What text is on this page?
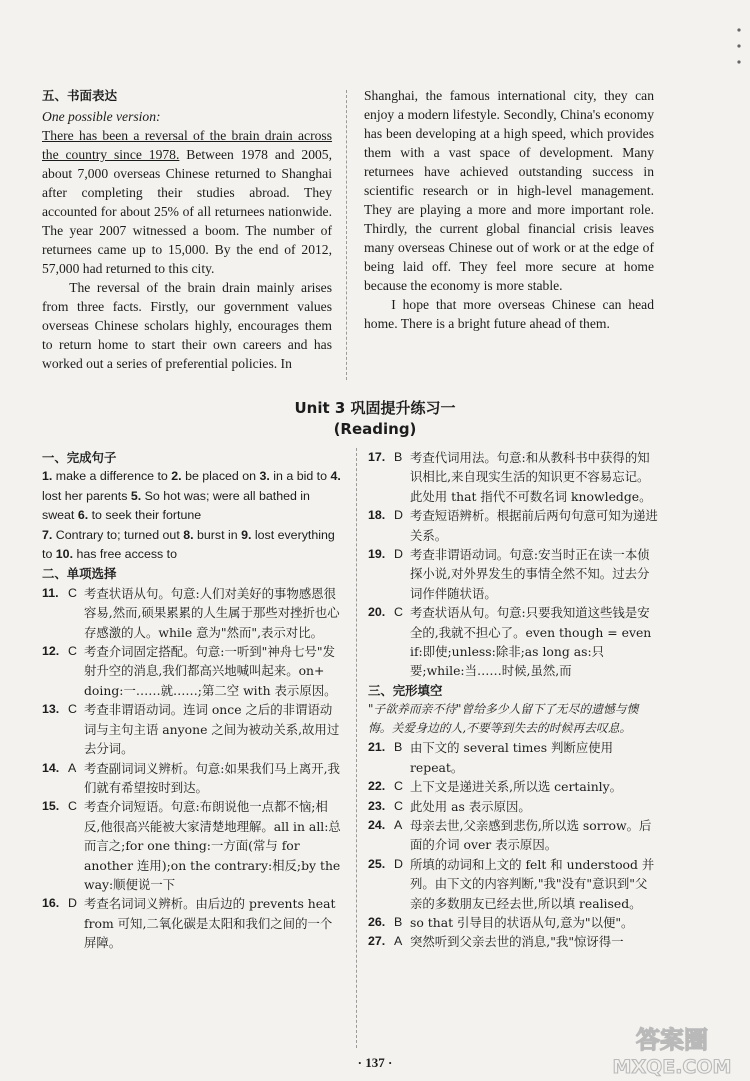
五、书面表达
One possible version:

There has been a reversal of the brain drain across the country since 1978. Between 1978 and 2005, about 7,000 overseas Chinese returned to Shanghai after completing their studies abroad. They accounted for about 25% of all returnees nationwide. The year 2007 witnessed a boom. The number of returnees came up to 15,000. By the end of 2012, 57,000 had returned to this city.

The reversal of the brain drain mainly arises from three facts. Firstly, our government values overseas Chinese scholars highly, encourages them to return home to start their own careers and has worked out a series of preferential policies. In

Shanghai, the famous international city, they can enjoy a modern lifestyle. Secondly, China's economy has been developing at a high speed, which provides them with a vast space of development. Many returnees have achieved outstanding success in scientific research or in high-level management. They are playing a more and more important role. Thirdly, the current global financial crisis leaves many overseas Chinese out of work or at the edge of being laid off. They feel more secure at home because the economy is more stable.

I hope that more overseas Chinese can head home. There is a bright future ahead of them.

Unit 3 巩固提升练习一
(Reading)
一、完成句子
1. make a difference to 2. be placed on 3. in a bid to 4. lost her parents 5. So hot was; were all bathed in sweat 6. to seek their fortune
7. Contrary to; turned out 8. burst in 9. lost everything to 10. has free access to
二、单项选择
11. C 考查状语从句。句意:人们对美好的事物感恩很容易,然而,硕果累累的人生属于那些对挫折也心存感激的人。while 意为"然而",表示对比。
12. C 考查介词固定搭配。句意:一听到"神舟七号"发射升空的消息,我们都高兴地喊叫起来。on+ doing:一……就……;第二空 with 表示原因。
13. C 考查非谓语动词。连词 once 之后的非谓语动词与主句主语 anyone 之间为被动关系,故用过去分词。
14. A 考查副词词义辨析。句意:如果我们马上离开,我们就有希望按时到达。
15. C 考查介词短语。句意:布朗说他一点都不恼;相反,他很高兴能被大家清楚地理解。all in all:总而言之;for one thing:一方面(常与 for another 连用);on the contrary:相反;by the way:顺便说一下
16. D 考查名词词义辨析。由后边的 prevents heat from 可知,二氧化碳是太阳和我们之间的一个屏障。
17. B 考查代词用法。句意:和从教科书中获得的知识相比,来自现实生活的知识更不容易忘记。此处用 that 指代不可数名词 knowledge。
18. D 考查短语辨析。根据前后两句句意可知为递进关系。
19. D 考查非谓语动词。句意:安当时正在读一本侦探小说,对外界发生的事情全然不知。过去分词作伴随状语。
20. C 考查状语从句。句意:只要我知道这些钱是安全的,我就不担心了。even though = even if:即使;unless:除非;as long as:只要;while:当……时候,虽然,而
三、完形填空
"子欲养而亲不待"曾给多少人留下了无尽的遗憾与懊悔。关爱身边的人,不要等到失去的时候再去叹息。
21. B 由下文的 several times 判断应使用 repeat。
22. C 上下文是递进关系,所以选 certainly。
23. C 此处用 as 表示原因。
24. A 母亲去世,父亲感到悲伤,所以选 sorrow。后面的介词 over 表示原因。
25. D 所填的动词和上文的 felt 和 understood 并列。由下文的内容判断,"我"没有"意识到"父亲的多数朋友已经去世,所以填 realised。
26. B so that 引导目的状语从句,意为"以便"。
27. A 突然听到父亲去世的消息,"我"惊讶得一
· 137 ·
答案圈
MXQE.COM
